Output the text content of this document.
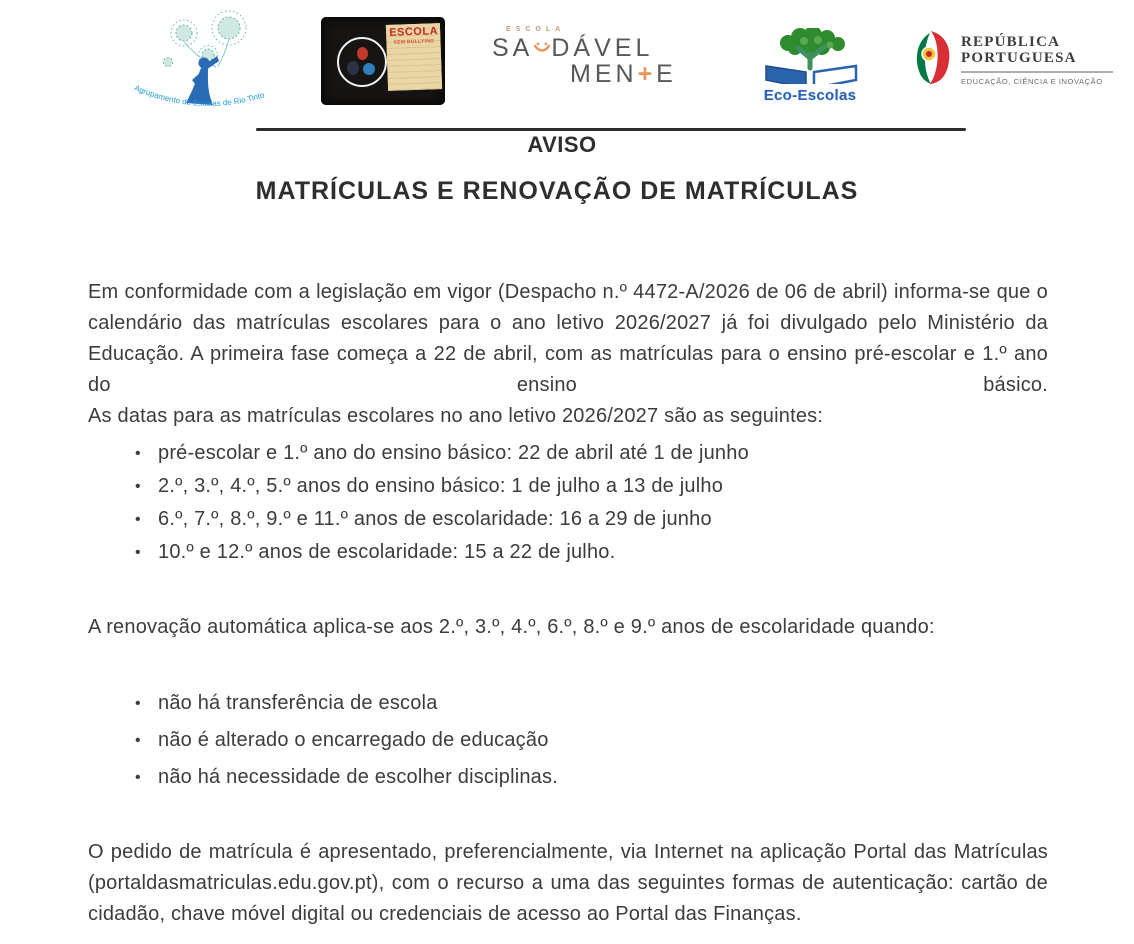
Agrupamento de Escolas de Rio Tinto
ESCOLA
SEM BULLYING
ESCOLA
SA DÁVEL
MEN+E
Eco-Escolas
REPÚBLICA
PORTUGUESA
EDUCAÇÃO, CIÊNCIA E INOVAÇÃO
AVISO
MATRÍCULAS E RENOVAÇÃO DE MATRÍCULAS

Em conformidade com a legislação em vigor (Despacho n.º 4472-A/2026 de 06 de abril) informa-se que o calendário das matrículas escolares para o ano letivo 2026/2027 já foi divulgado pelo Ministério da Educação. A primeira fase começa a 22 de abril, com as matrículas para o ensino pré-escolar e 1.º ano do ensino básico.

As datas para as matrículas escolares no ano letivo 2026/2027 são as seguintes:

• pré-escolar e 1.º ano do ensino básico: 22 de abril até 1 de junho
• 2.º, 3.º, 4.º, 5.º anos do ensino básico: 1 de julho a 13 de julho
• 6.º, 7.º, 8.º, 9.º e 11.º anos de escolaridade: 16 a 29 de junho
• 10.º e 12.º anos de escolaridade: 15 a 22 de julho.

A renovação automática aplica-se aos 2.º, 3.º, 4.º, 6.º, 8.º e 9.º anos de escolaridade quando:

• não há transferência de escola
• não é alterado o encarregado de educação
• não há necessidade de escolher disciplinas.

O pedido de matrícula é apresentado, preferencialmente, via Internet na aplicação Portal das Matrículas (portaldasmatriculas.edu.gov.pt), com o recurso a uma das seguintes formas de autenticação: cartão de cidadão, chave móvel digital ou credenciais de acesso ao Portal das Finanças.
